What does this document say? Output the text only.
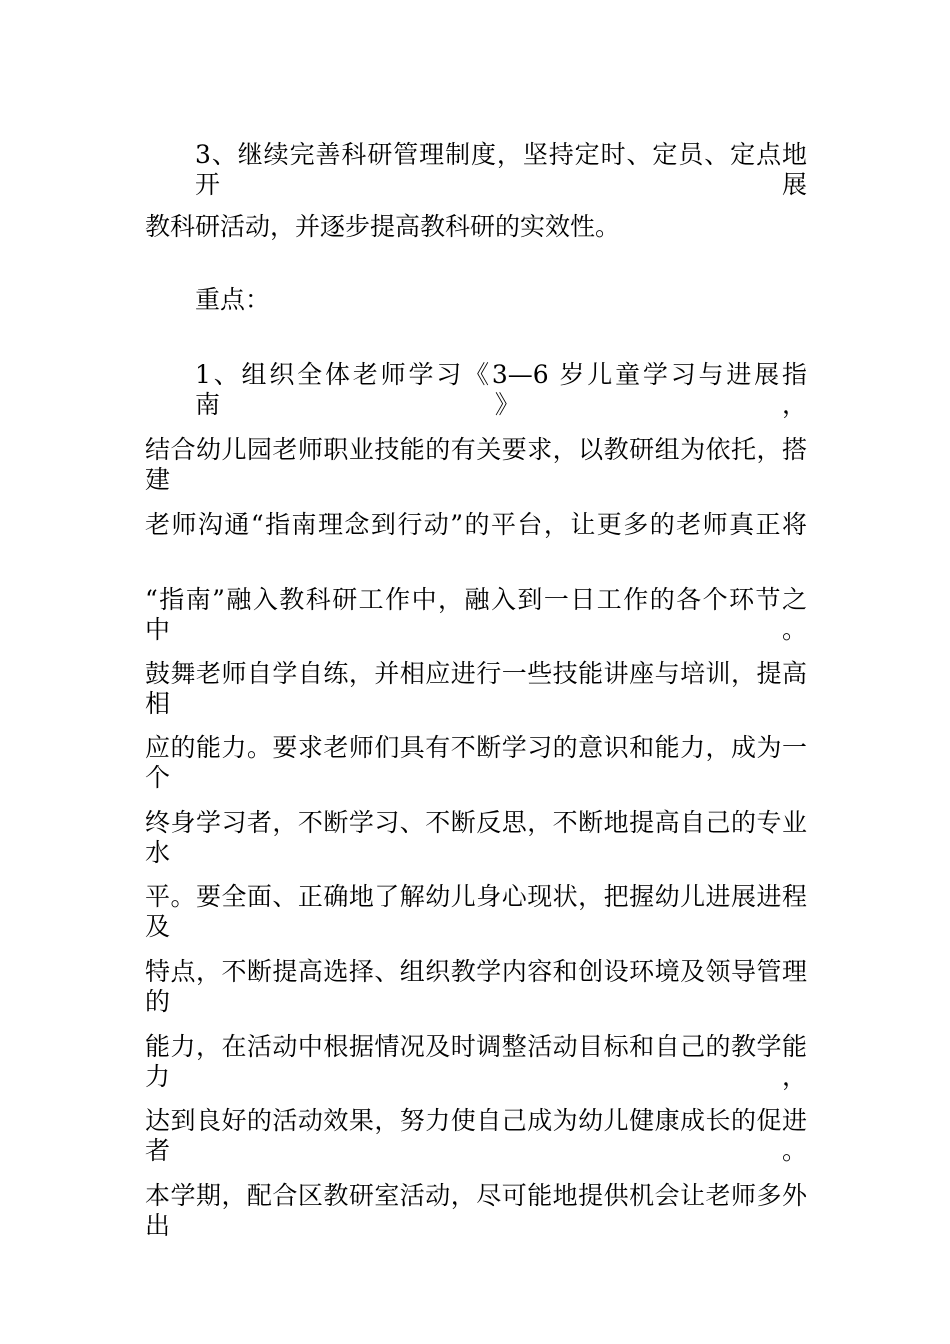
3、继续完善科研管理制度，坚持定时、定员、定点地开展
教科研活动，并逐步提高教科研的实效性。
重点：
1、组织全体老师学习《3—6 岁儿童学习与进展指南》，
结合幼儿园老师职业技能的有关要求，以教研组为依托，搭建
老师沟通“指南理念到行动”的平台，让更多的老师真正将
“指南”融入教科研工作中，融入到一日工作的各个环节之中。
鼓舞老师自学自练，并相应进行一些技能讲座与培训，提高相
应的能力。要求老师们具有不断学习的意识和能力，成为一个
终身学习者，不断学习、不断反思，不断地提高自己的专业水
平。要全面、正确地了解幼儿身心现状，把握幼儿进展进程及
特点，不断提高选择、组织教学内容和创设环境及领导管理的
能力，在活动中根据情况及时调整活动目标和自己的教学能力，
达到良好的活动效果，努力使自己成为幼儿健康成长的促进者。
本学期，配合区教研室活动，尽可能地提供机会让老师多外出
